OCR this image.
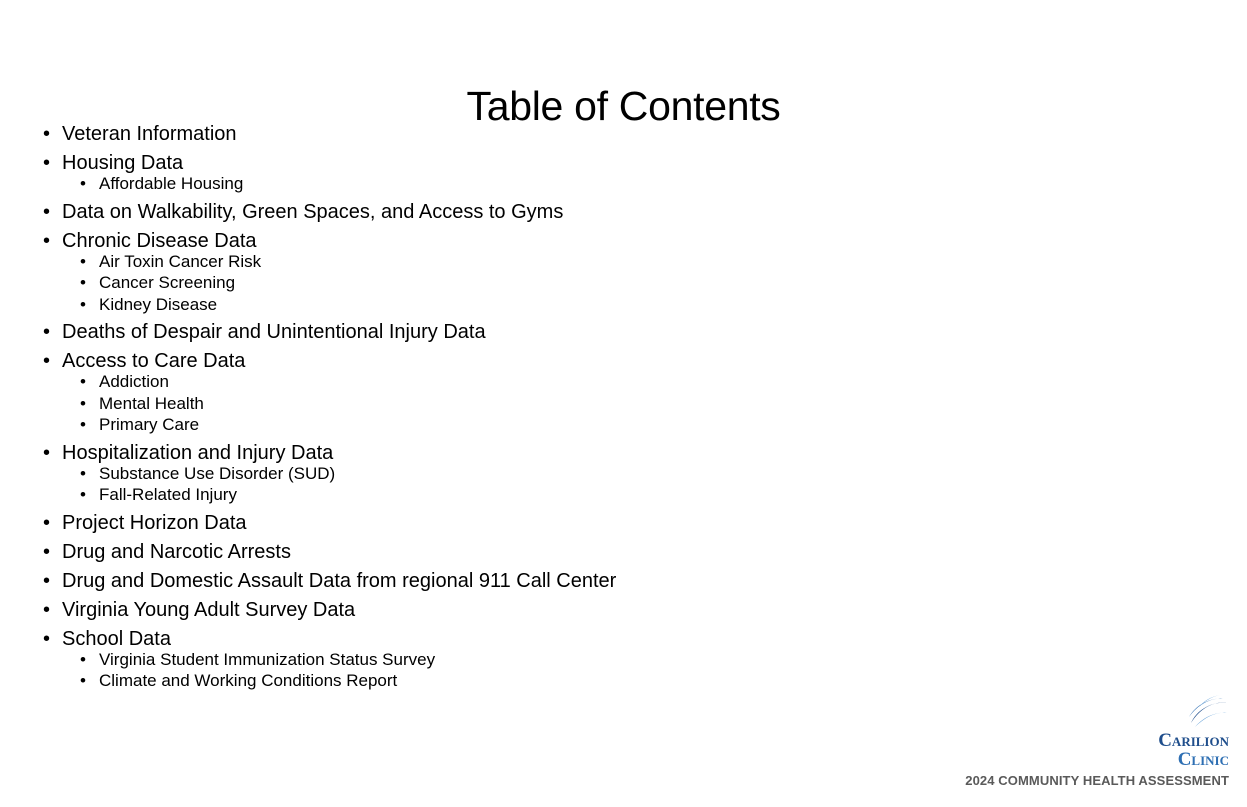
Table of Contents
• Veteran Information
• Housing Data
• Affordable Housing
• Data on Walkability, Green Spaces, and Access to Gyms
• Chronic Disease Data
• Air Toxin Cancer Risk
• Cancer Screening
• Kidney Disease
• Deaths of Despair and Unintentional Injury Data
• Access to Care Data
• Addiction
• Mental Health
• Primary Care
• Hospitalization and Injury Data
• Substance Use Disorder (SUD)
• Fall-Related Injury
• Project Horizon Data
• Drug and Narcotic Arrests
• Drug and Domestic Assault Data from regional 911 Call Center
• Virginia Young Adult Survey Data
• School Data
• Virginia Student Immunization Status Survey
• Climate and Working Conditions Report
Carilion
Clinic
2024 COMMUNITY HEALTH ASSESSMENT
